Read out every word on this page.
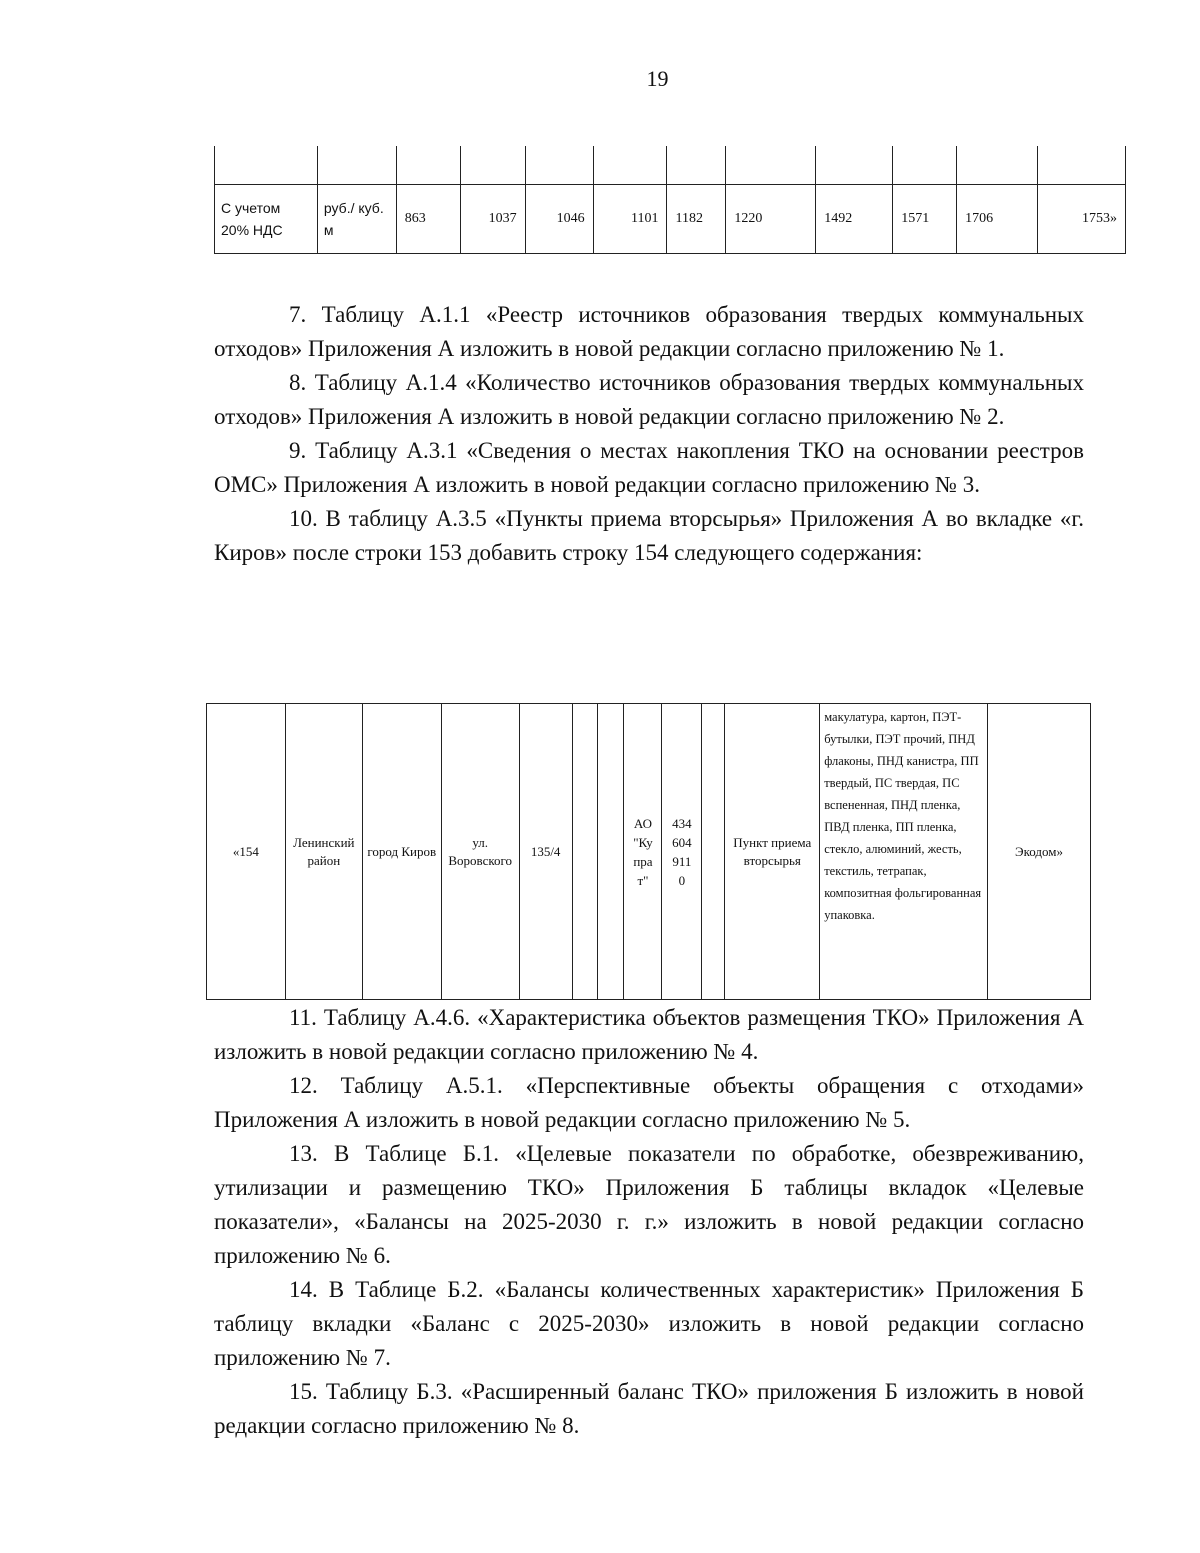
19

С учетом 20% НДС	руб./ куб. м	863	1037	1046	1101	1182	1220	1492	1571	1706	1753»

7. Таблицу А.1.1 «Реестр источников образования твердых коммунальных отходов» Приложения А изложить в новой редакции согласно приложению № 1.

8. Таблицу А.1.4 «Количество источников образования твердых коммунальных отходов» Приложения А изложить в новой редакции согласно приложению № 2.

9. Таблицу А.3.1 «Сведения о местах накопления ТКО на основании реестров ОМС» Приложения А изложить в новой редакции согласно приложению № 3.

10. В таблицу А.3.5 «Пункты приема вторсырья» Приложения А во вкладке «г. Киров» после строки 153 добавить строку 154 следующего содержания:

«154	Ленинский район	город Киров	ул. Воровского	135/4			АО "Купрат"	4346049110		Пункт приема вторсырья	макулатура, картон, ПЭТ-бутылки, ПЭТ прочий, ПНД флаконы, ПНД канистра, ПП твердый, ПС твердая, ПС вспененная, ПНД пленка, ПВД пленка, ПП пленка, стекло, алюминий, жесть, текстиль, тетрапак, композитная фольгированная упаковка.	Экодом»

11. Таблицу А.4.6. «Характеристика объектов размещения ТКО» Приложения А изложить в новой редакции согласно приложению № 4.

12. Таблицу А.5.1. «Перспективные объекты обращения с отходами» Приложения А изложить в новой редакции согласно приложению № 5.

13. В Таблице Б.1. «Целевые показатели по обработке, обезвреживанию, утилизации и размещению ТКО» Приложения Б таблицы вкладок «Целевые показатели», «Балансы на 2025-2030 г. г.» изложить в новой редакции согласно приложению № 6.

14. В Таблице Б.2. «Балансы количественных характеристик» Приложения Б таблицу вкладки «Баланс с 2025-2030» изложить в новой редакции согласно приложению № 7.

15. Таблицу Б.3. «Расширенный баланс ТКО» приложения Б изложить в новой редакции согласно приложению № 8.
